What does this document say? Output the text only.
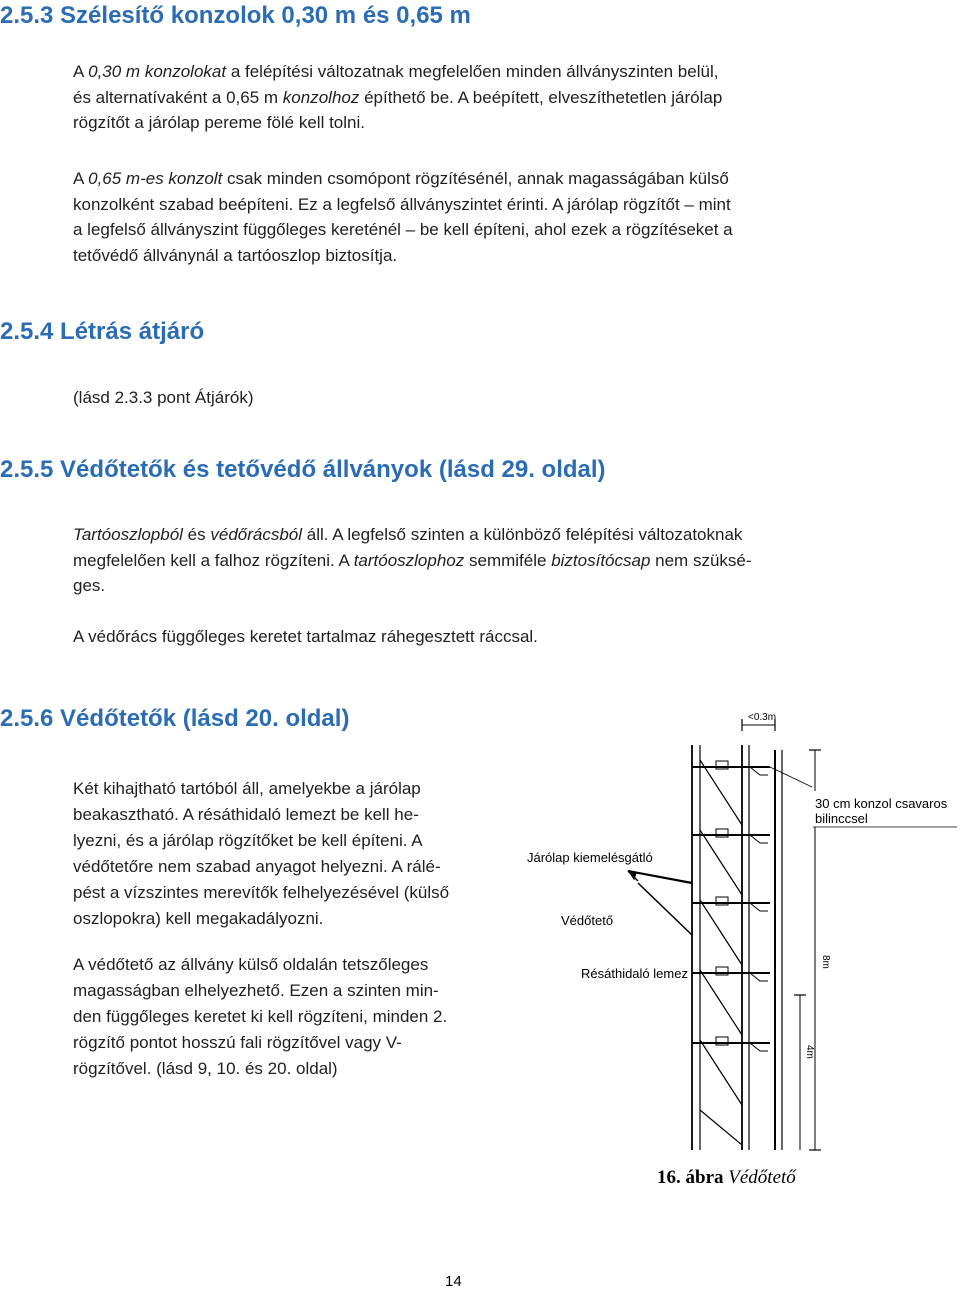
2.5.3 Szélesítő konzolok 0,30 m és 0,65 m

A 0,30 m konzolokat a felépítési változatnak megfelelően minden állványszinten belül,
és alternatívaként a 0,65 m konzolhoz építhető be. A beépített, elveszíthetetlen járólap
rögzítőt a járólap pereme fölé kell tolni.

A 0,65 m-es konzolt csak minden csomópont rögzítésénél, annak magasságában külső
konzolként szabad beépíteni. Ez a legfelső állványszintet érinti. A járólap rögzítőt – mint
a legfelső állványszint függőleges kereténél – be kell építeni, ahol ezek a rögzítéseket a
tetővédő állványnál a tartóoszlop biztosítja.

2.5.4 Létrás átjáró

(lásd 2.3.3 pont Átjárók)

2.5.5 Védőtetők és tetővédő állványok (lásd 29. oldal)

Tartóoszlopból és védőrácsból áll. A legfelső szinten a különböző felépítési változatoknak
megfelelően kell a falhoz rögzíteni. A tartóoszlophoz semmiféle biztosítócsap nem szüksé-
ges.

A védőrács függőleges keretet tartalmaz ráhegesztett ráccsal.

2.5.6 Védőtetők (lásd 20. oldal)

Két kihajtható tartóból áll, amelyekbe a járólap
beakasztható. A résáthidaló lemezt be kell he-
lyezni, és a járólap rögzítőket be kell építeni. A
védőtetőre nem szabad anyagot helyezni. A rálé-
pést a vízszintes merevítők felhelyezésével (külső
oszlopokra) kell megakadályozni.

A védőtető az állvány külső oldalán tetszőleges
magasságban elhelyezhető. Ezen a szinten min-
den függőleges keretet ki kell rögzíteni, minden 2.
rögzítő pontot hosszú fali rögzítővel vagy V-
rögzítővel. (lásd 9, 10. és 20. oldal)

<0.3m
8m
4m
30 cm konzol csavaros
bilinccsel
Járólap kiemelésgátló
Védőtető
Résáthidaló lemez
16. ábra Védőtető
14
